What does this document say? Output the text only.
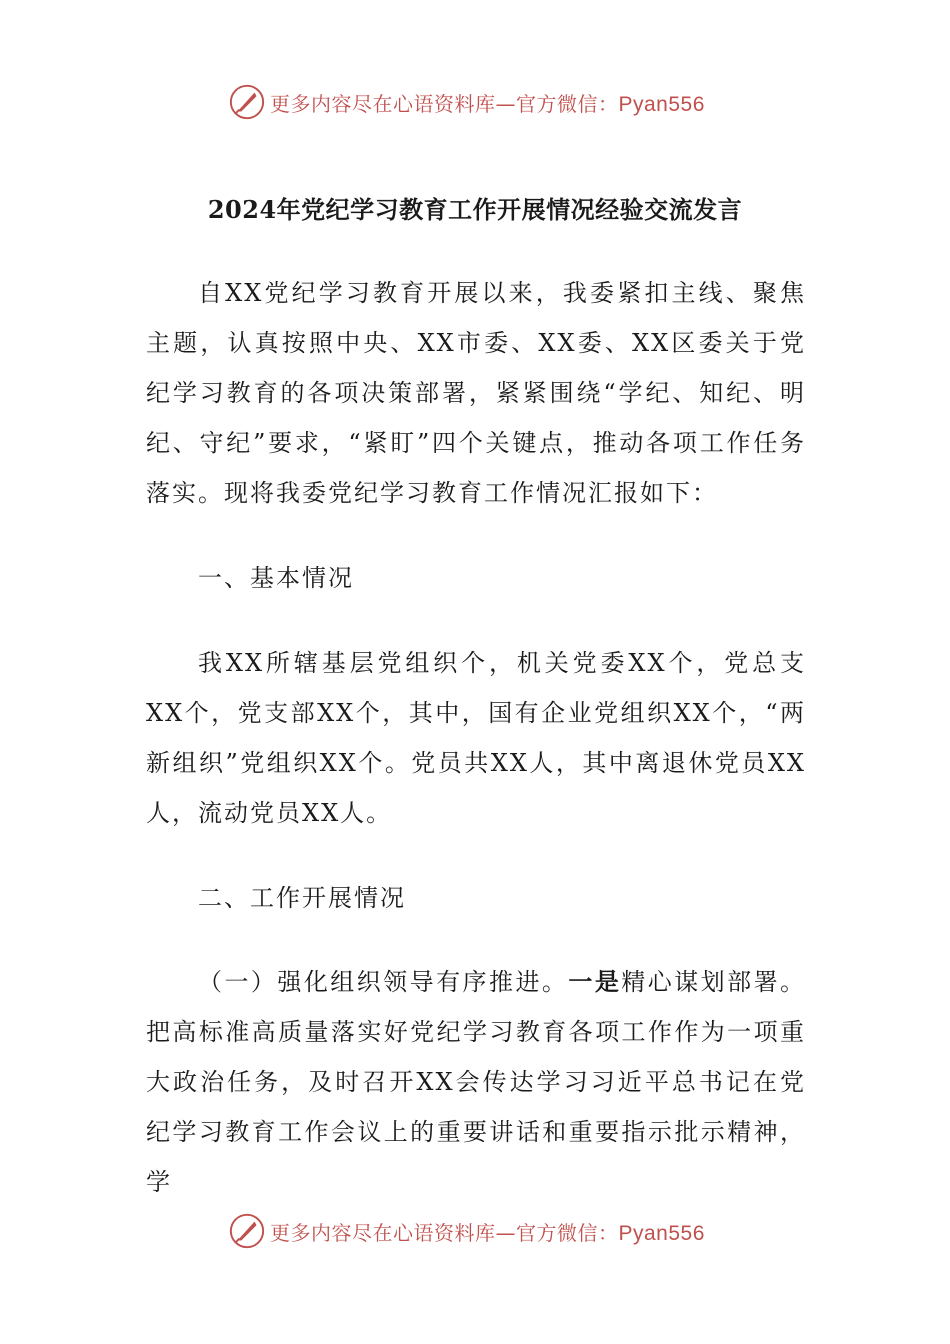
更多内容尽在心语资料库—官方微信：Pyan556
2024年党纪学习教育工作开展情况经验交流发言

自XX党纪学习教育开展以来，我委紧扣主线、聚焦主题，认真按照中央、XX市委、XX委、XX区委关于党纪学习教育的各项决策部署，紧紧围绕“学纪、知纪、明纪、守纪”要求，“紧盯”四个关键点，推动各项工作任务落实。现将我委党纪学习教育工作情况汇报如下：

一、基本情况

我XX所辖基层党组织个，机关党委XX个，党总支XX个，党支部XX个，其中，国有企业党组织XX个，“两新组织”党组织XX个。党员共XX人，其中离退休党员XX人，流动党员XX人。

二、工作开展情况

（一）强化组织领导有序推进。一是精心谋划部署。把高标准高质量落实好党纪学习教育各项工作作为一项重大政治任务，及时召开XX会传达学习习近平总书记在党纪学习教育工作会议上的重要讲话和重要指示批示精神，学

更多内容尽在心语资料库—官方微信：Pyan556
